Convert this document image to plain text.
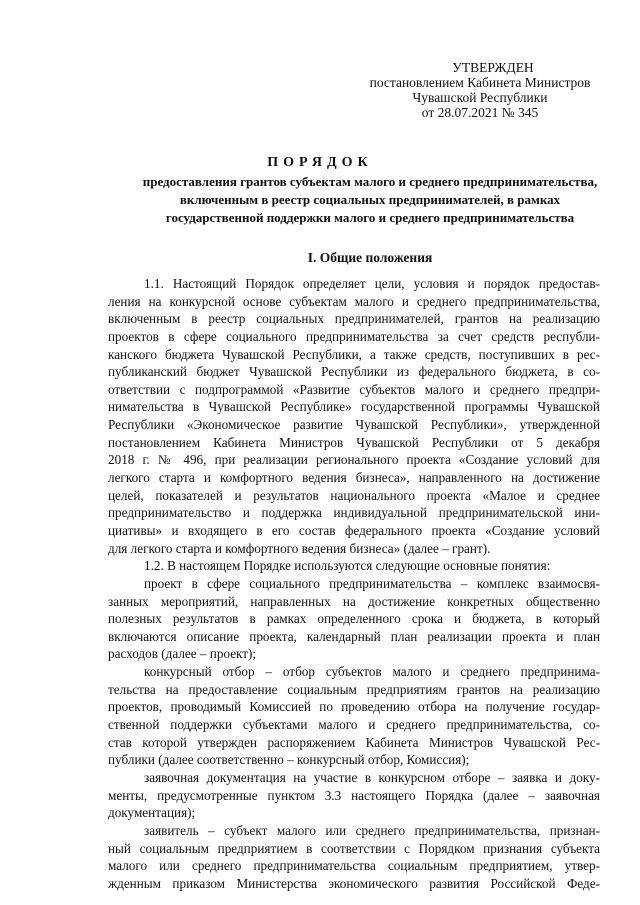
УТВЕРЖДЕН
постановлением Кабинета Министров
Чувашской Республики
от 28.07.2021 № 345
ПОРЯДОК
предоставления грантов субъектам малого и среднего предпринимательства,
включенным в реестр социальных предпринимателей, в рамках
государственной поддержки малого и среднего предпринимательства
I. Общие положения
1.1. Настоящий Порядок определяет цели, условия и порядок предостав-
ления на конкурсной основе субъектам малого и среднего предпринимательства,
включенным в реестр социальных предпринимателей, грантов на реализацию
проектов в сфере социального предпринимательства за счет средств республи-
канского бюджета Чувашской Республики, а также средств, поступивших в рес-
публиканский бюджет Чувашской Республики из федерального бюджета, в со-
ответствии с подпрограммой «Развитие субъектов малого и среднего предпри-
нимательства в Чувашской Республике» государственной программы Чувашской
Республики «Экономическое развитие Чувашской Республики», утвержденной
постановлением Кабинета Министров Чувашской Республики от 5 декабря
2018 г. № 496, при реализации регионального проекта «Создание условий для
легкого старта и комфортного ведения бизнеса», направленного на достижение
целей, показателей и результатов национального проекта «Малое и среднее
предпринимательство и поддержка индивидуальной предпринимательской ини-
циативы» и входящего в его состав федерального проекта «Создание условий
для легкого старта и комфортного ведения бизнеса» (далее – грант).
1.2. В настоящем Порядке используются следующие основные понятия:
проект в сфере социального предпринимательства – комплекс взаимосвя-
занных мероприятий, направленных на достижение конкретных общественно
полезных результатов в рамках определенного срока и бюджета, в который
включаются описание проекта, календарный план реализации проекта и план
расходов (далее – проект);
конкурсный отбор – отбор субъектов малого и среднего предпринима-
тельства на предоставление социальным предприятиям грантов на реализацию
проектов, проводимый Комиссией по проведению отбора на получение государ-
ственной поддержки субъектами малого и среднего предпринимательства, со-
став которой утвержден распоряжением Кабинета Министров Чувашской Рес-
публики (далее соответственно – конкурсный отбор, Комиссия);
заявочная документация на участие в конкурсном отборе – заявка и доку-
менты, предусмотренные пунктом 3.3 настоящего Порядка (далее – заявочная
документация);
заявитель – субъект малого или среднего предпринимательства, признан-
ный социальным предприятием в соответствии с Порядком признания субъекта
малого или среднего предпринимательства социальным предприятием, утвер-
жденным приказом Министерства экономического развития Российской Феде-
